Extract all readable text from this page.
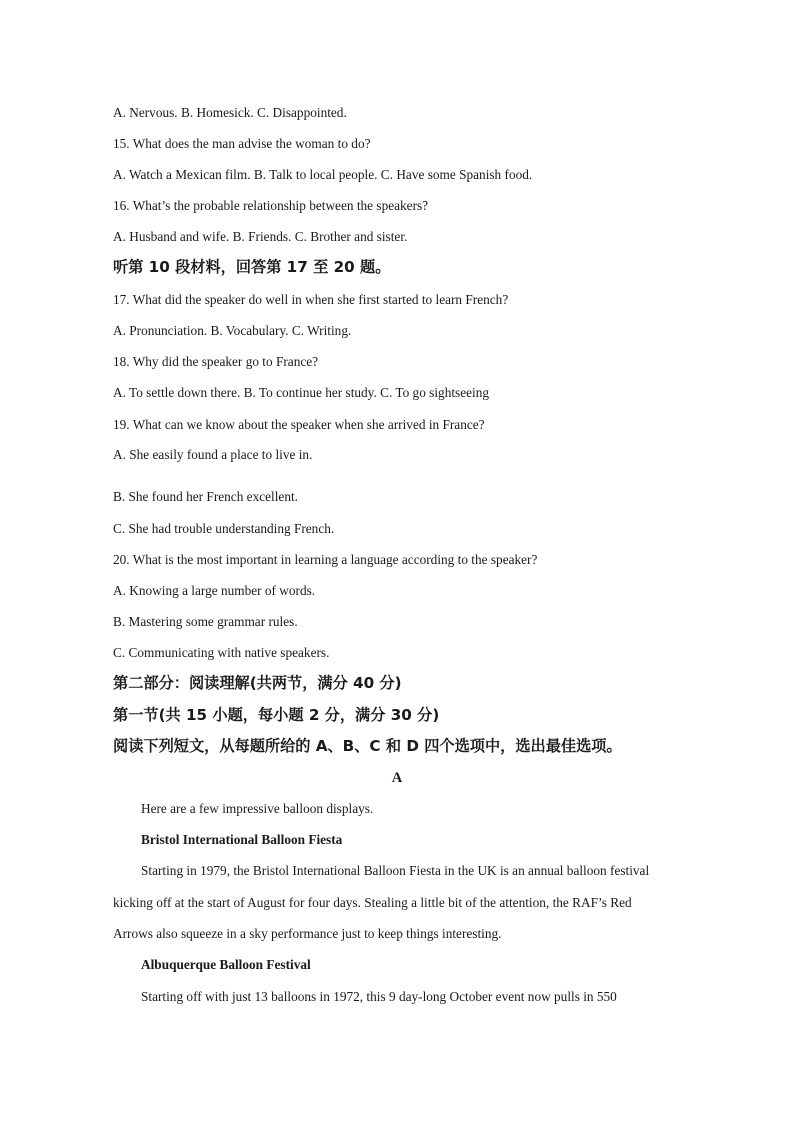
A. Nervous. B. Homesick. C. Disappointed.
15. What does the man advise the woman to do?
A. Watch a Mexican film. B. Talk to local people. C. Have some Spanish food.
16. What’s the probable relationship between the speakers?
A. Husband and wife. B. Friends. C. Brother and sister.
听第 10 段材料，回答第 17 至 20 题。
17. What did the speaker do well in when she first started to learn French?
A. Pronunciation. B. Vocabulary. C. Writing.
18. Why did the speaker go to France?
A. To settle down there. B. To continue her study. C. To go sightseeing
19. What can we know about the speaker when she arrived in France?
A. She easily found a place to live in.
B. She found her French excellent.
C. She had trouble understanding French.
20. What is the most important in learning a language according to the speaker?
A. Knowing a large number of words.
B. Mastering some grammar rules.
C. Communicating with native speakers.
第二部分：阅读理解(共两节，满分 40 分)
第一节(共 15 小题，每小题 2 分，满分 30 分)
阅读下列短文，从每题所给的 A、B、C 和 D 四个选项中，选出最佳选项。
A
Here are a few impressive balloon displays.
Bristol International Balloon Fiesta
Starting in 1979, the Bristol International Balloon Fiesta in the UK is an annual balloon festival
kicking off at the start of August for four days. Stealing a little bit of the attention, the RAF’s Red
Arrows also squeeze in a sky performance just to keep things interesting.
Albuquerque Balloon Festival
Starting off with just 13 balloons in 1972, this 9 day-long October event now pulls in 550
